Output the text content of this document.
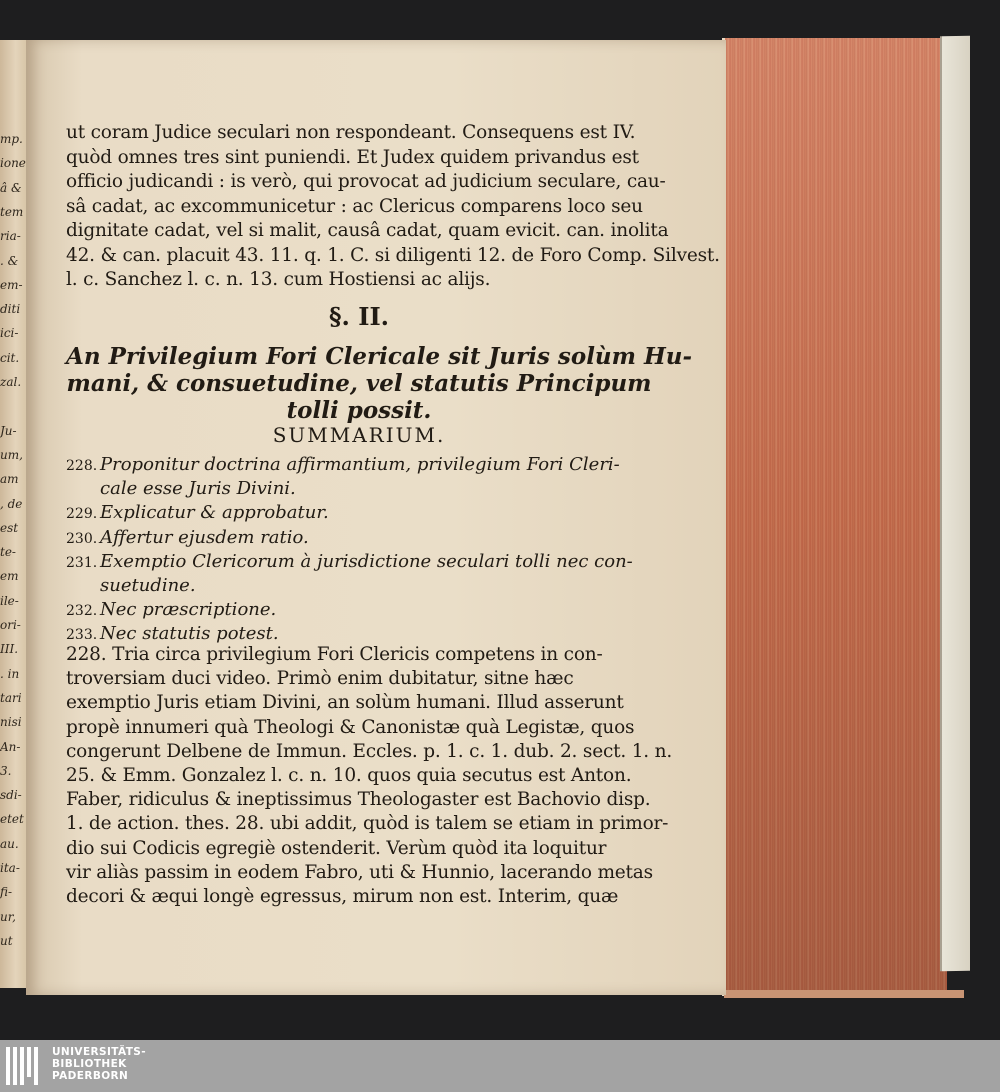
mp.
ione
â &
tem
ria-
. &
em-
diti
ici-
cit.
zal.
Ju-
um,
am
, de
est
te-
em
ile-
ori-
III.
. in
tari
nisi
An-
3.
sdi-
etet
au.
ita-
fi-
ur,
ut
ut coram Judice seculari non respondeant. Consequens est IV.
quòd omnes tres sint puniendi. Et Judex quidem privandus est
officio judicandi : is verò, qui provocat ad judicium seculare, cau-
sâ cadat, ac excommunicetur : ac Clericus comparens loco seu
dignitate cadat, vel si malit, causâ cadat, quam evicit. can. inolita
42. & can. placuit 43. 11. q. 1. C. si diligenti 12. de Foro Comp. Silvest.
l. c. Sanchez l. c. n. 13. cum Hostiensi ac alijs.
§. II.
An Privilegium Fori Clericale sit Juris solùm Hu-
mani, & consuetudine, vel statutis Principum
tolli possit.
SUMMARIUM.
228. Proponitur doctrina affirmantium, privilegium Fori Cleri-
cale esse Juris Divini.
229. Explicatur & approbatur.
230. Affertur ejusdem ratio.
231. Exemptio Clericorum à jurisdictione seculari tolli nec con-
suetudine.
232. Nec præscriptione.
233. Nec statutis potest.
228. Tria circa privilegium Fori Clericis competens in con-
troversiam duci video. Primò enim dubitatur, sitne hæc
exemptio Juris etiam Divini, an solùm humani. Illud asserunt
propè innumeri quà Theologi & Canonistæ quà Legistæ, quos
congerunt Delbene de Immun. Eccles. p. 1. c. 1. dub. 2. sect. 1. n.
25. & Emm. Gonzalez l. c. n. 10. quos quia secutus est Anton.
Faber, ridiculus & ineptissimus Theologaster est Bachovio disp.
1. de action. thes. 28. ubi addit, quòd is talem se etiam in primor-
dio sui Codicis egregiè ostenderit. Verùm quòd ita loquitur
vir aliàs passim in eodem Fabro, uti & Hunnio, lacerando metas
decori & æqui longè egressus, mirum non est. Interim, quæ
UNIVERSITÄTS-
BIBLIOTHEK
PADERBORN
